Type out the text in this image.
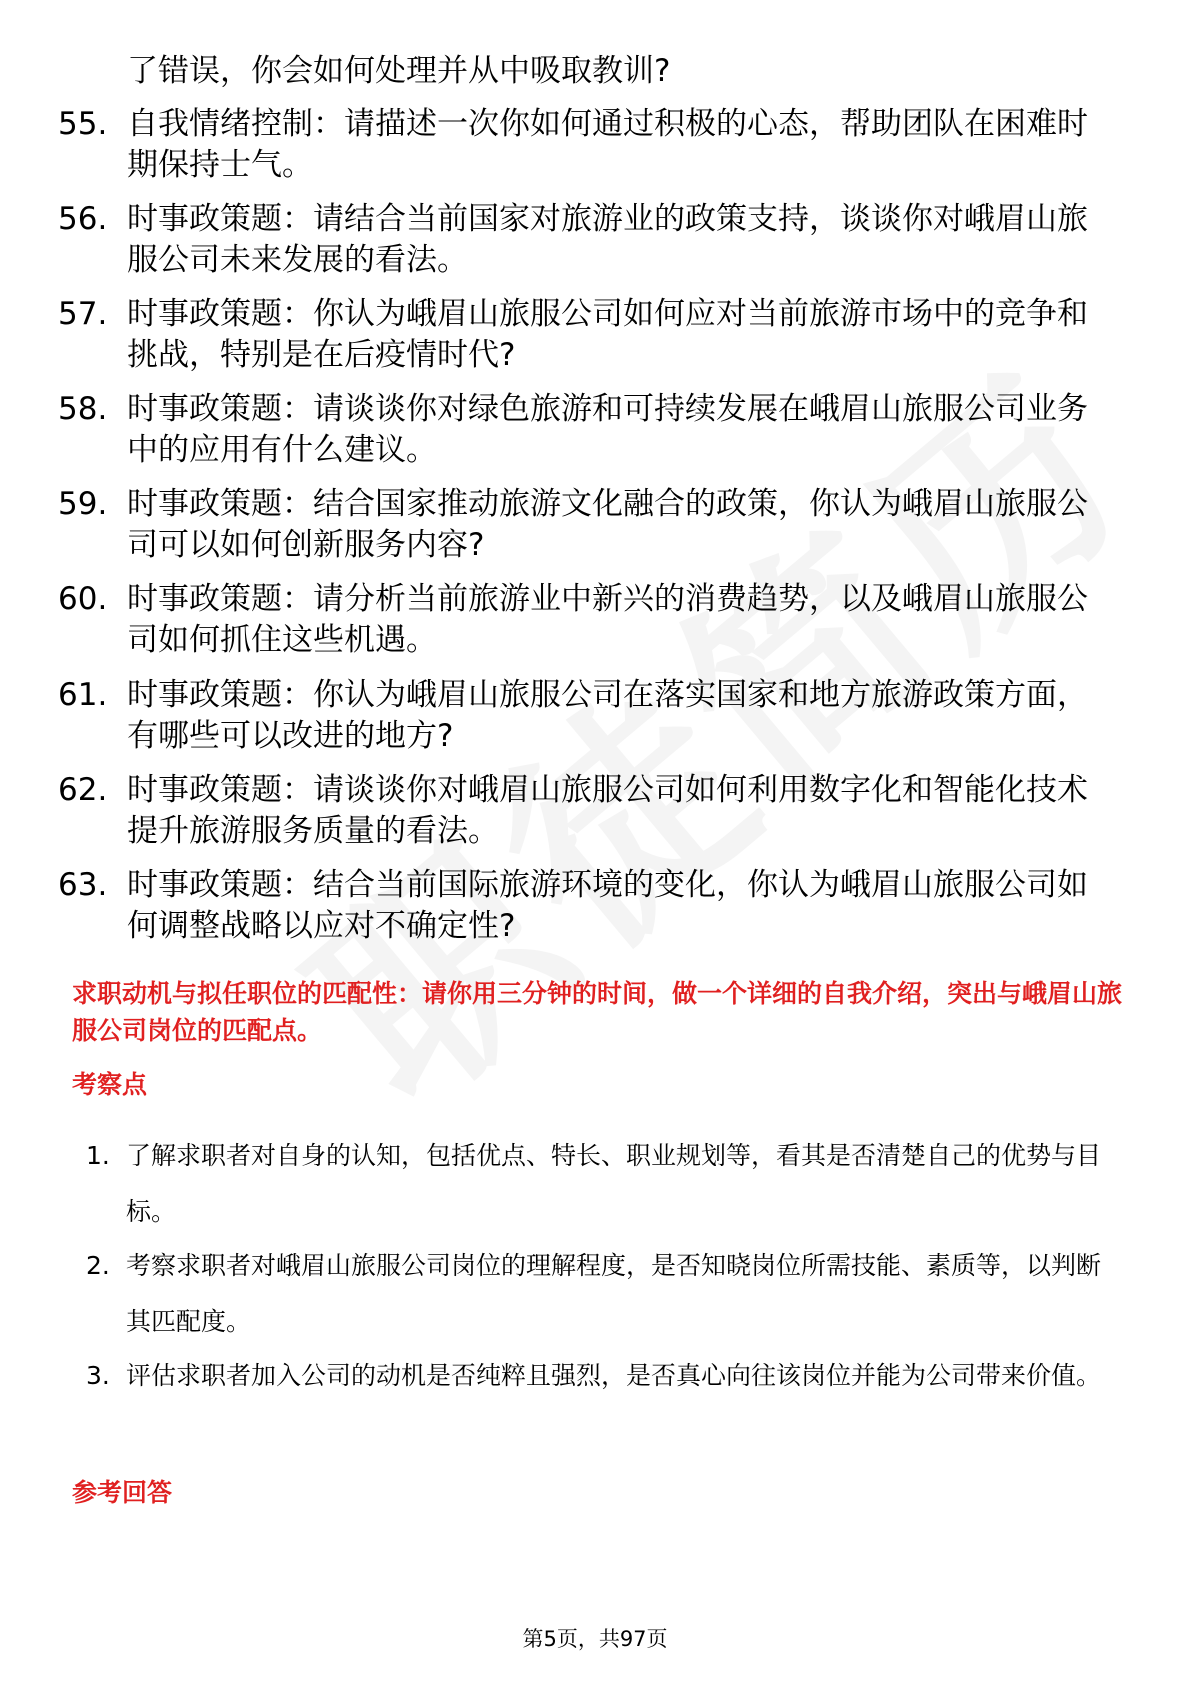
了错误，你会如何处理并从中吸取教训?
55. 自我情绪控制：请描述一次你如何通过积极的心态，帮助团队在困难时期保持士气。
56. 时事政策题：请结合当前国家对旅游业的政策支持，谈谈你对峨眉山旅服公司未来发展的看法。
57. 时事政策题：你认为峨眉山旅服公司如何应对当前旅游市场中的竞争和挑战，特别是在后疫情时代?
58. 时事政策题：请谈谈你对绿色旅游和可持续发展在峨眉山旅服公司业务中的应用有什么建议。
59. 时事政策题：结合国家推动旅游文化融合的政策，你认为峨眉山旅服公司可以如何创新服务内容?
60. 时事政策题：请分析当前旅游业中新兴的消费趋势，以及峨眉山旅服公司如何抓住这些机遇。
61. 时事政策题：你认为峨眉山旅服公司在落实国家和地方旅游政策方面，有哪些可以改进的地方?
62. 时事政策题：请谈谈你对峨眉山旅服公司如何利用数字化和智能化技术提升旅游服务质量的看法。
63. 时事政策题：结合当前国际旅游环境的变化，你认为峨眉山旅服公司如何调整战略以应对不确定性?
求职动机与拟任职位的匹配性：请你用三分钟的时间，做一个详细的自我介绍，突出与峨眉山旅服公司岗位的匹配点。
考察点
1. 了解求职者对自身的认知，包括优点、特长、职业规划等，看其是否清楚自己的优势与目标。
2. 考察求职者对峨眉山旅服公司岗位的理解程度，是否知晓岗位所需技能、素质等，以判断其匹配度。
3. 评估求职者加入公司的动机是否纯粹且强烈，是否真心向往该岗位并能为公司带来价值。
参考回答
第5页，共97页
